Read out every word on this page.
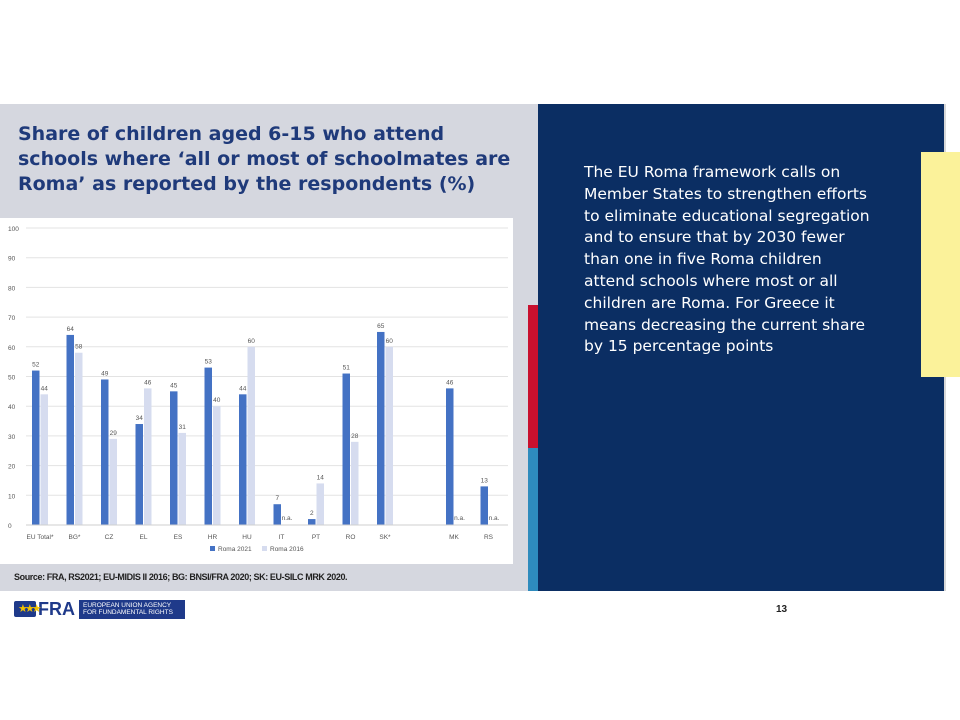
Share of children aged 6-15 who attend schools where ‘all or most of schoolmates are Roma’ as reported by the respondents (%)
0
10
20
30
40
50
60
70
80
90
100
EU Total*
52
44
BG*
64
58
CZ
49
29
EL
34
46
ES
45
31
HR
53
40
HU
44
60
IT
7
n.a.
PT
2
14
RO
51
28
SK*
65
60
MK
46
n.a.
RS
13
n.a.
Roma 2021	Roma 2016
Source: FRA, RS2021; EU-MIDIS II 2016; BG: BNSI/FRA 2020; SK: EU-SILC MRK 2020.

The EU Roma framework calls on Member States to strengthen efforts to eliminate educational segregation and to ensure that by 2030 fewer than one in five Roma children attend schools where most or all children are Roma. For Greece it means decreasing the current share by 15 percentage points

★★★ FRA EUROPEAN UNION AGENCY
FOR FUNDAMENTAL RIGHTS	13
